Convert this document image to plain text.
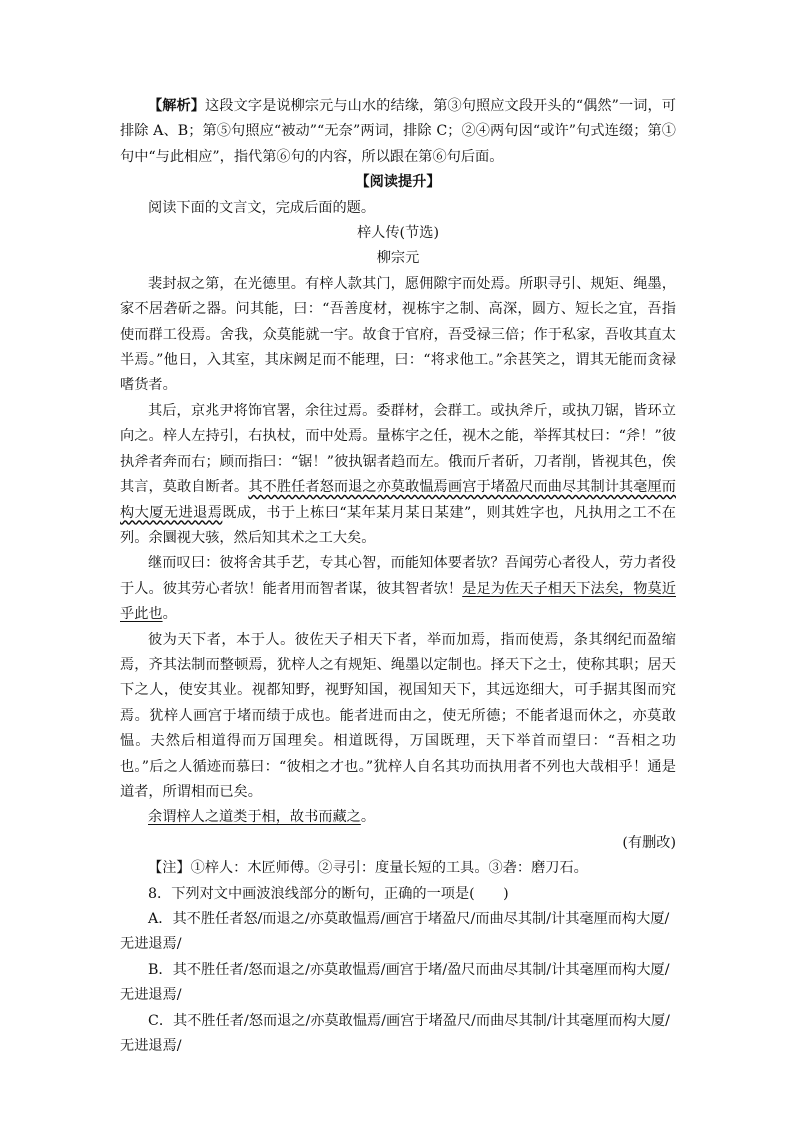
【解析】这段文字是说柳宗元与山水的结缘，第③句照应文段开头的“偶然”一词，可排除 A、B；第⑤句照应“被动”“无奈”两词，排除 C；②④两句因“或许”句式连缀；第①句中“与此相应”，指代第⑥句的内容，所以跟在第⑥句后面。

【阅读提升】

阅读下面的文言文，完成后面的题。

梓人传(节选)

柳宗元

裴封叔之第，在光德里。有梓人款其门，愿佣隙宇而处焉。所职寻引、规矩、绳墨，家不居砻斫之器。问其能，曰：“吾善度材，视栋宇之制、高深，圆方、短长之宜，吾指使而群工役焉。舍我，众莫能就一宇。故食于官府，吾受禄三倍；作于私家，吾收其直太半焉。”他日，入其室，其床阙足而不能理，曰：“将求他工。”余甚笑之，谓其无能而贪禄嗜货者。

其后，京兆尹将饰官署，余往过焉。委群材，会群工。或执斧斤，或执刀锯，皆环立向之。梓人左持引，右执杖，而中处焉。量栋宇之任，视木之能，举挥其杖曰：“斧！”彼执斧者奔而右；顾而指曰：“锯！”彼执锯者趋而左。俄而斤者斫，刀者削，皆视其色，俟其言，莫敢自断者。其不胜任者怒而退之亦莫敢愠焉画宫于堵盈尺而曲尽其制计其毫厘而构大厦无进退焉既成，书于上栋曰“某年某月某日某建”，则其姓字也，凡执用之工不在列。余圜视大骇，然后知其术之工大矣。

继而叹曰：彼将舍其手艺，专其心智，而能知体要者欤？吾闻劳心者役人，劳力者役于人。彼其劳心者欤！能者用而智者谋，彼其智者欤！是足为佐天子相天下法矣，物莫近乎此也。

彼为天下者，本于人。彼佐天子相天下者，举而加焉，指而使焉，条其纲纪而盈缩焉，齐其法制而整顿焉，犹梓人之有规矩、绳墨以定制也。择天下之士，使称其职；居天下之人，使安其业。视都知野，视野知国，视国知天下，其远迩细大，可手据其图而究焉。犹梓人画宫于堵而绩于成也。能者进而由之，使无所德；不能者退而休之，亦莫敢愠。夫然后相道得而万国理矣。相道既得，万国既理，天下举首而望曰：“吾相之功也。”后之人循迹而慕曰：“彼相之才也。”犹梓人自名其功而执用者不列也大哉相乎！通是道者，所谓相而已矣。

余谓梓人之道类于相，故书而藏之。

(有删改)

【注】①梓人：木匠师傅。②寻引：度量长短的工具。③砻：磨刀石。

8．下列对文中画波浪线部分的断句，正确的一项是(　　)

A．其不胜任者怒/而退之/亦莫敢愠焉/画宫于堵盈尺/而曲尽其制/计其毫厘而构大厦/

无进退焉/

B．其不胜任者/怒而退之/亦莫敢愠焉/画宫于堵/盈尺而曲尽其制/计其毫厘而构大厦/

无进退焉/

C．其不胜任者/怒而退之/亦莫敢愠焉/画宫于堵盈尺/而曲尽其制/计其毫厘而构大厦/

无进退焉/
